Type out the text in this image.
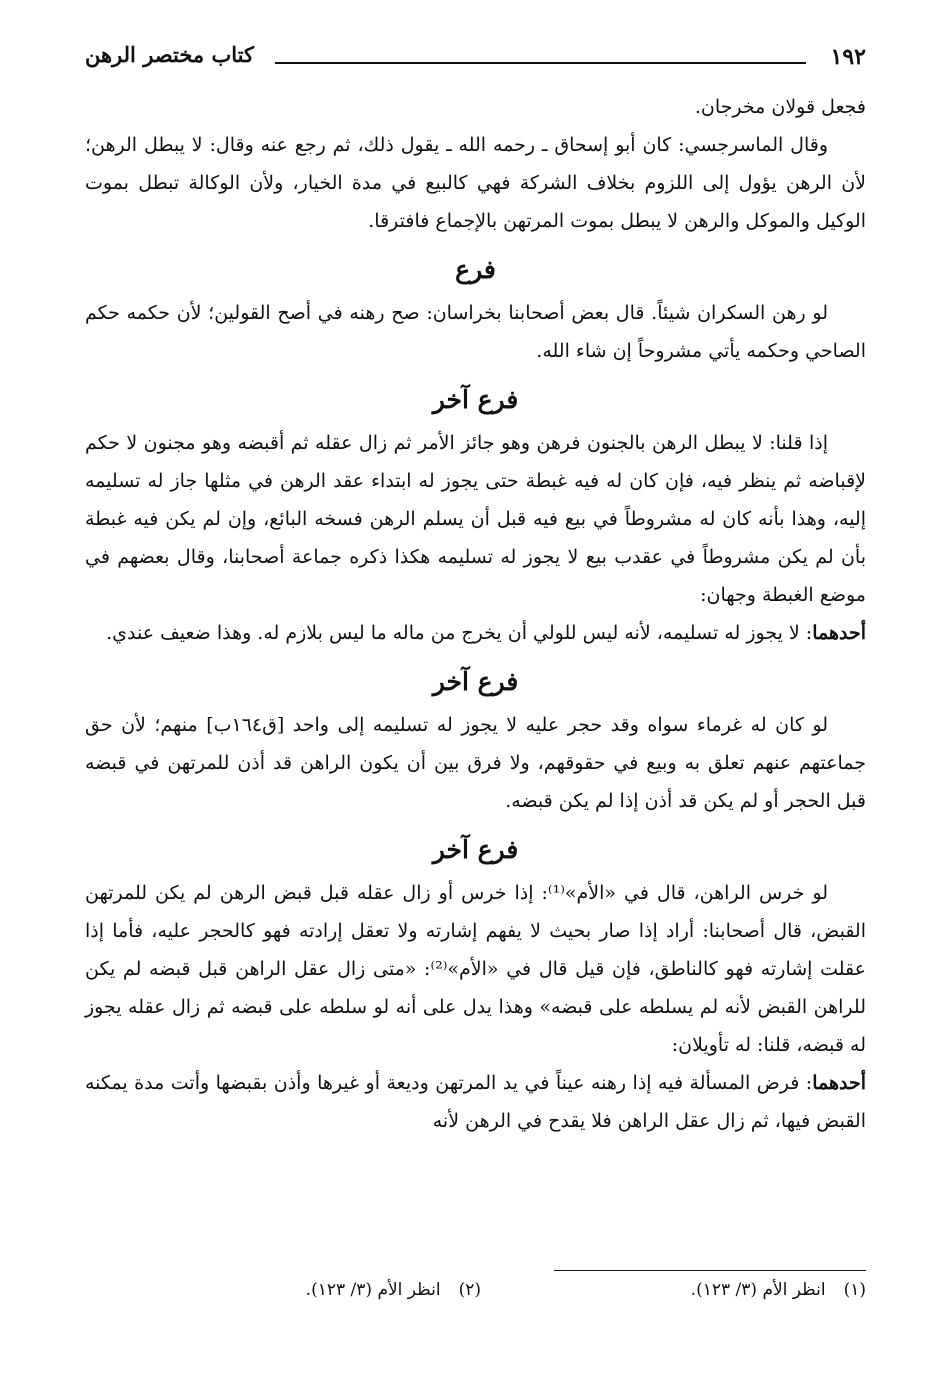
١٩٢
كتاب مختصر الرهن

فجعل قولان مخرجان.

وقال الماسرجسي: كان أبو إسحاق ـ رحمه الله ـ يقول ذلك، ثم رجع عنه وقال: لا يبطل الرهن؛ لأن الرهن يؤول إلى اللزوم بخلاف الشركة فهي كالبيع في مدة الخيار، ولأن الوكالة تبطل بموت الوكيل والموكل والرهن لا يبطل بموت المرتهن بالإجماع فافترقا.

فرع

لو رهن السكران شيئاً. قال بعض أصحابنا بخراسان: صح رهنه في أصح القولين؛ لأن حكمه حكم الصاحي وحكمه يأتي مشروحاً إن شاء الله.

فرع آخر

إذا قلنا: لا يبطل الرهن بالجنون فرهن وهو جائز الأمر ثم زال عقله ثم أقبضه وهو مجنون لا حكم لإقباضه ثم ينظر فيه، فإن كان له فيه غبطة حتى يجوز له ابتداء عقد الرهن في مثلها جاز له تسليمه إليه، وهذا بأنه كان له مشروطاً في بيع فيه قبل أن يسلم الرهن فسخه البائع، وإن لم يكن فيه غبطة بأن لم يكن مشروطاً في عقدب بيع لا يجوز له تسليمه هكذا ذكره جماعة أصحابنا، وقال بعضهم في موضع الغبطة وجهان:

أحدهما: لا يجوز له تسليمه، لأنه ليس للولي أن يخرج من ماله ما ليس بلازم له. وهذا ضعيف عندي.

فرع آخر

لو كان له غرماء سواه وقد حجر عليه لا يجوز له تسليمه إلى واحد [ق١٦٤ب] منهم؛ لأن حق جماعتهم عنهم تعلق به وبيع في حقوقهم، ولا فرق بين أن يكون الراهن قد أذن للمرتهن في قبضه قبل الحجر أو لم يكن قد أذن إذا لم يكن قبضه.

فرع آخر

لو خرس الراهن، قال في «الأم»⁽¹⁾: إذا خرس أو زال عقله قبل قبض الرهن لم يكن للمرتهن القبض، قال أصحابنا: أراد إذا صار بحيث لا يفهم إشارته ولا تعقل إرادته فهو كالحجر عليه، فأما إذا عقلت إشارته فهو كالناطق، فإن قيل قال في «الأم»⁽²⁾: «متى زال عقل الراهن قبل قبضه لم يكن للراهن القبض لأنه لم يسلطه على قبضه» وهذا يدل على أنه لو سلطه على قبضه ثم زال عقله يجوز له قبضه، قلنا: له تأويلان:

أحدهما: فرض المسألة فيه إذا رهنه عيناً في يد المرتهن وديعة أو غيرها وأذن بقبضها وأتت مدة يمكنه القبض فيها، ثم زال عقل الراهن فلا يقدح في الرهن لأنه

(١)انظر الأم (٣/ ١٢٣).
(٢)انظر الأم (٣/ ١٢٣).
